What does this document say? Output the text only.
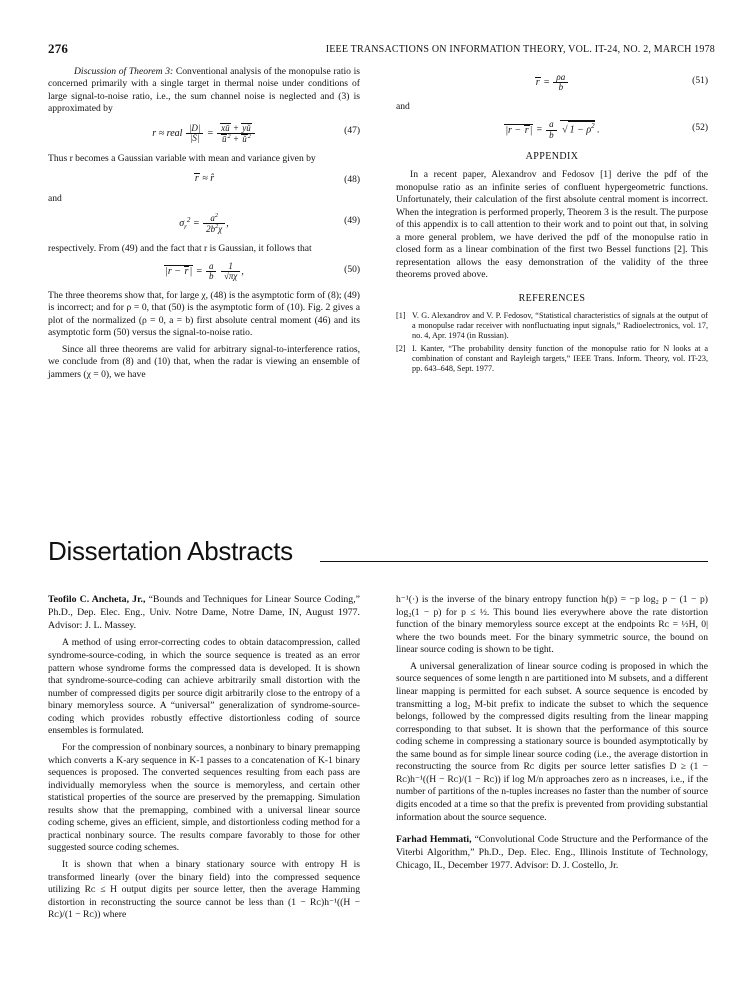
276	IEEE TRANSACTIONS ON INFORMATION THEORY, VOL. IT-24, NO. 2, MARCH 1978

Discussion of Theorem 3: Conventional analysis of the monopulse ratio is concerned primarily with a single target in thermal noise under conditions of large signal-to-noise ratio, i.e., the sum channel noise is neglected and (3) is approximated by

r ≈ real $\frac{|D|}{|S|} = \frac{xū + yŭ}{ū^2 + ŭ^2}$	(47)

Thus r becomes a Gaussian variable with mean and variance given by

r ≈ r̂	(48)
and
$\sigma_r^2 = \frac{a^2}{2b^2\chi}$ ,	(49)

respectively. From (49) and the fact that r is Gaussian, it follows that

$|r - r| = \frac{a}{b}$
$\frac{1}{√\pi\chi}$ ,	(50)

The three theorems show that, for large χ, (48) is the asymptotic form of (8); (49) is incorrect; and for ρ = 0, that (50) is the asymptotic form of (10). Fig. 2 gives a plot of the normalized (ρ = 0, a = b) first absolute central moment (46) and its asymptotic form (50) versus the signal-to-noise ratio.

Since all three theorems are valid for arbitrary signal-to-interference ratios, we conclude from (8) and (10) that, when the radar is viewing an ensemble of jammers (χ = 0), we have

$r = \frac{\rho a}{b}$	(51)
and
$|r - r| = \frac{a}{b}$ √ $1 - \rho^2$ .	(52)
APPENDIX

In a recent paper, Alexandrov and Fedosov [1] derive the pdf of the monopulse ratio as an infinite series of confluent hypergeometric functions. Unfortunately, their calculation of the first absolute central moment is incorrect. When the integration is performed properly, Theorem 3 is the result. The purpose of this appendix is to call attention to their work and to point out that, in solving a more general problem, we have derived the pdf of the monopulse ratio in closed form as a linear combination of the first two Bessel functions [2]. This representation allows the easy demonstration of the validity of the three theorems proved above.

REFERENCES
[1] V. G. Alexandrov and V. P. Fedosov, “Statistical characteristics of signals at the output of a monopulse radar receiver with nonfluctuating input signals,” Radioelectronics, vol. 17, no. 4, Apr. 1974 (in Russian).
[2] I. Kanter, “The probability density function of the monopulse ratio for N looks at a combination of constant and Rayleigh targets,” IEEE Trans. Inform. Theory, vol. IT-23, pp. 643–648, Sept. 1977.
Dissertation Abstracts

Teofilo C. Ancheta, Jr., “Bounds and Techniques for Linear Source Coding,” Ph.D., Dep. Elec. Eng., Univ. Notre Dame, Notre Dame, IN, August 1977. Advisor: J. L. Massey.

A method of using error-correcting codes to obtain datacompression, called syndrome-source-coding, in which the source sequence is treated as an error pattern whose syndrome forms the compressed data is developed. It is shown that syndrome-source-coding can achieve arbitrarily small distortion with the number of compressed digits per source digit arbitrarily close to the entropy of a binary memoryless source. A “universal” generalization of syndrome-source-coding which provides robustly effective distortionless coding of source ensembles is formulated.

For the compression of nonbinary sources, a nonbinary to binary premapping which converts a K-ary sequence in K-1 passes to a concatenation of K-1 binary sequences is proposed. The converted sequences resulting from each pass are individually memoryless when the source is memoryless, and certain other statistical properties of the source are preserved by the premapping. Simulation results show that the premapping, combined with a universal linear source coding scheme, gives an efficient, simple, and distortionless coding method for a practical nonbinary source. The results compare favorably to those for other suggested source coding schemes.

It is shown that when a binary stationary source with entropy H is transformed linearly (over the binary field) into the compressed sequence utilizing Rᴄ ≤ H output digits per source letter, then the average Hamming distortion in reconstructing the source cannot be less than (1 − Rᴄ)h⁻¹((H − Rᴄ)/(1 − Rᴄ)) where

h⁻¹(·) is the inverse of the binary entropy function h(p) = −p log₂ p − (1 − p) log₂(1 − p) for p ≤ ½. This bound lies everywhere above the rate distortion function of the binary memoryless source except at the endpoints Rᴄ = ½H, 0| where the two bounds meet. For the binary symmetric source, the bound on linear source coding is shown to be tight.

A universal generalization of linear source coding is proposed in which the source sequences of some length n are partitioned into M subsets, and a different linear mapping is permitted for each subset. A source sequence is encoded by transmitting a log₂ M-bit prefix to indicate the subset to which the sequence belongs, followed by the compressed digits resulting from the linear mapping corresponding to that subset. It is shown that the performance of this source coding scheme in compressing a stationary source is bounded asymptotically by the same bound as for simple linear source coding (i.e., the average distortion in reconstructing the source from Rᴄ digits per source letter satisfies D ≥ (1 − Rᴄ)h⁻¹((H − Rᴄ)/(1 − Rᴄ)) if log M/n approaches zero as n increases, i.e., if the number of partitions of the n-tuples increases no faster than the number of source digits encoded at a time so that the prefix is prevented from providing substantial information about the source sequence.

Farhad Hemmati, “Convolutional Code Structure and the Performance of the Viterbi Algorithm,” Ph.D., Dep. Elec. Eng., Illinois Institute of Technology, Chicago, IL, December 1977. Advisor: D. J. Costello, Jr.
